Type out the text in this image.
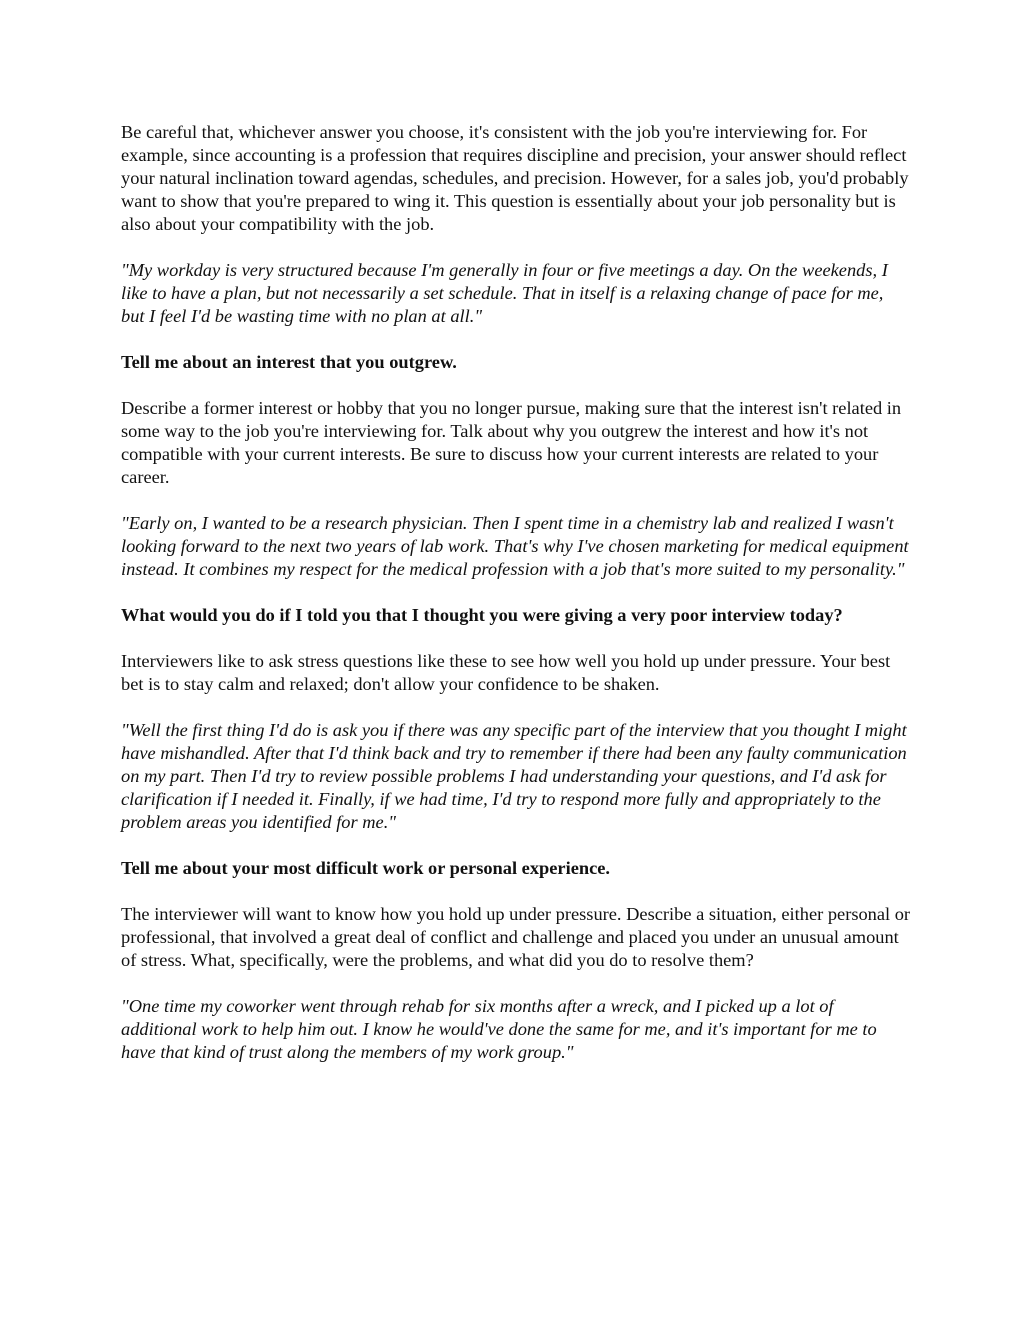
Be careful that, whichever answer you choose, it's consistent with the job you're interviewing for. For example, since accounting is a profession that requires discipline and precision, your answer should reflect your natural inclination toward agendas, schedules, and precision. However, for a sales job, you'd probably want to show that you're prepared to wing it. This question is essentially about your job personality but is also about your compatibility with the job.

"My workday is very structured because I'm generally in four or five meetings a day. On the weekends, I like to have a plan, but not necessarily a set schedule. That in itself is a relaxing change of pace for me, but I feel I'd be wasting time with no plan at all."

Tell me about an interest that you outgrew.

Describe a former interest or hobby that you no longer pursue, making sure that the interest isn't related in some way to the job you're interviewing for. Talk about why you outgrew the interest and how it's not compatible with your current interests. Be sure to discuss how your current interests are related to your career.

"Early on, I wanted to be a research physician. Then I spent time in a chemistry lab and realized I wasn't looking forward to the next two years of lab work. That's why I've chosen marketing for medical equipment instead. It combines my respect for the medical profession with a job that's more suited to my personality."

What would you do if I told you that I thought you were giving a very poor interview today?

Interviewers like to ask stress questions like these to see how well you hold up under pressure. Your best bet is to stay calm and relaxed; don't allow your confidence to be shaken.

"Well the first thing I'd do is ask you if there was any specific part of the interview that you thought I might have mishandled. After that I'd think back and try to remember if there had been any faulty communication on my part. Then I'd try to review possible problems I had understanding your questions, and I'd ask for clarification if I needed it. Finally, if we had time, I'd try to respond more fully and appropriately to the problem areas you identified for me."

Tell me about your most difficult work or personal experience.

The interviewer will want to know how you hold up under pressure. Describe a situation, either personal or professional, that involved a great deal of conflict and challenge and placed you under an unusual amount of stress. What, specifically, were the problems, and what did you do to resolve them?

"One time my coworker went through rehab for six months after a wreck, and I picked up a lot of additional work to help him out. I know he would've done the same for me, and it's important for me to have that kind of trust along the members of my work group."
